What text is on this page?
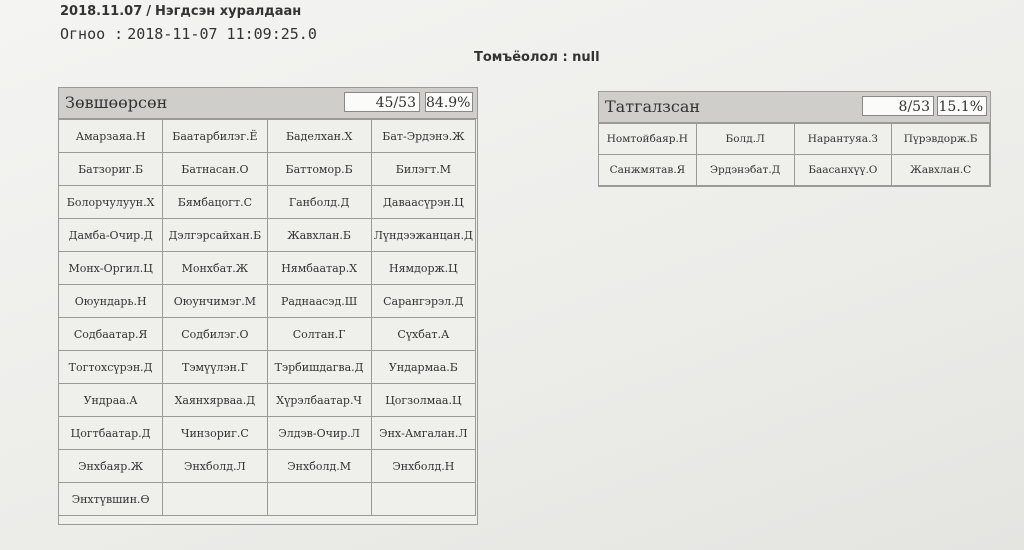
2018.11.07 / Нэгдсэн хуралдаан
Огноо : 2018-11-07 11:09:25.0
Томъёолол : null
Зөвшөөрсөн	45/53 84.9%
Амарзаяа.Н	Баатарбилэг.Ё	Баделхан.Х	Бат-Эрдэнэ.Ж
Батзориг.Б	Батнасан.О	Баттомор.Б	Билэгт.М
Болорчулуун.Х	Бямбацогт.С	Ганболд.Д	Даваасүрэн.Ц
Дамба-Очир.Д	Дэлгэрсайхан.Б	Жавхлан.Б	Лүндээжанцан.Д
Монх-Оргил.Ц	Монхбат.Ж	Нямбаатар.Х	Нямдорж.Ц
Оюундарь.Н	Оюунчимэг.М	Раднаасэд.Ш	Сарангэрэл.Д
Содбаатар.Я	Содбилэг.О	Солтан.Г	Сүхбат.А
Тогтохсүрэн.Д	Тэмүүлэн.Г	Тэрбишдагва.Д	Ундармаа.Б
Ундраа.А	Хаянхярваа.Д	Хүрэлбаатар.Ч	Цогзолмаа.Ц
Цогтбаатар.Д	Чинзориг.С	Элдэв-Очир.Л	Энх-Амгалан.Л
Энхбаяр.Ж	Энхболд.Л	Энхболд.М	Энхболд.Н
Энхтүвшин.Ө			
Татгалзсан	8/53 15.1%
Номтойбаяр.Н	Болд.Л	Нарантуяа.З	Пүрэвдорж.Б
Санжмятав.Я	Эрдэнэбат.Д	Баасанхүү.О	Жавхлан.С
